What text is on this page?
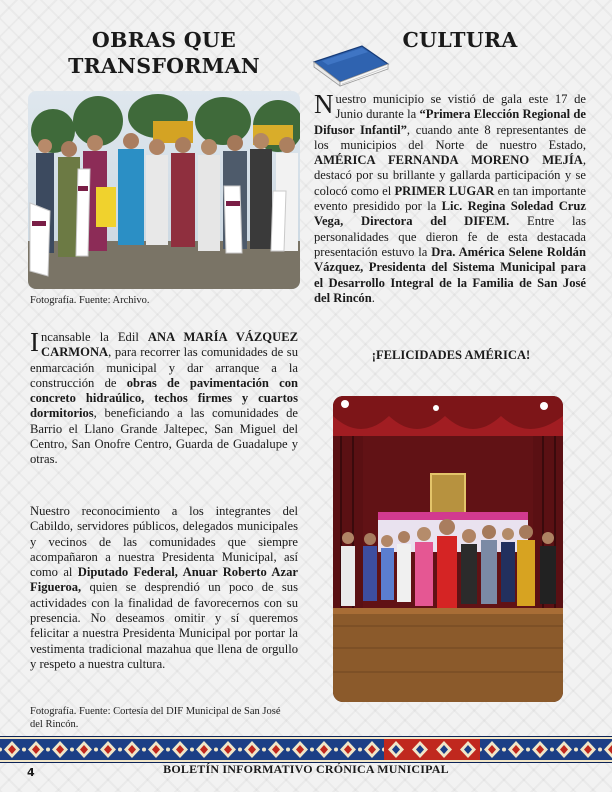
OBRAS QUE
TRANSFORMAN

Fotografía. Fuente: Archivo.

Incansable la Edil ANA MARÍA VÁZQUEZ CARMONA, para recorrer las comunidades de su enmarcación municipal y dar arranque a la construcción de obras de pavimentación con concreto hidraúlico, techos firmes y cuartos dormitorios, beneficiando a las comunidades de Barrio el Llano Grande Jaltepec, San Miguel del Centro, San Onofre Centro, Guarda de Guadalupe y otras.

Nuestro reconocimiento a los integrantes del Cabildo, servidores públicos, delegados municipales y vecinos de las comunidades que siempre acompañaron a nuestra Presidenta Municipal, así como al Diputado Federal, Anuar Roberto Azar Figueroa, quien se desprendió un poco de sus actividades con la finalidad de favorecernos con su presencia. No deseamos omitir y sí queremos felicitar a nuestra Presidenta Municipal por portar la vestimenta tradicional mazahua que llena de orgullo y respeto a nuestra cultura.

Fotografía. Fuente: Cortesía del DIF Municipal de San José del Rincón.

CULTURA

Nuestro municipio se vistió de gala este 17 de Junio durante la “Primera Elección Regional de Difusor Infantil”, cuando ante 8 representantes de los municipios del Norte de nuestro Estado, AMÉRICA FERNANDA MORENO MEJÍA, destacó por su brillante y gallarda participación y se colocó como el PRIMER LUGAR en tan importante evento presidido por la Lic. Regina Soledad Cruz Vega, Directora del DIFEM. Entre las personalidades que dieron fe de esta destacada presentación estuvo la Dra. América Selene Roldán Vázquez, Presidenta del Sistema Municipal para el Desarrollo Integral de la Familia de San José del Rincón.

¡FELICIDADES AMÉRICA!

4	BOLETÍN INFORMATIVO CRÓNICA MUNICIPAL
